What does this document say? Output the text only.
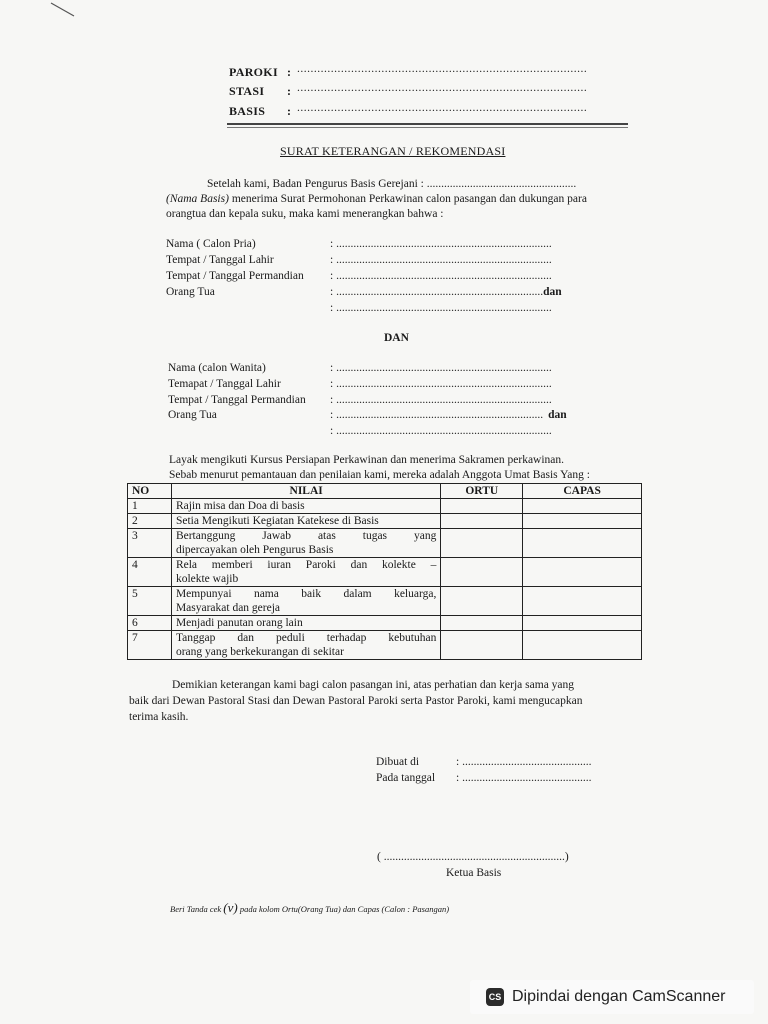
PAROKI : ......................................................................................
STASI : ......................................................................................
BASIS : ......................................................................................
SURAT KETERANGAN / REKOMENDASI
Setelah kami, Badan Pengurus Basis Gerejani : ....................................................
(Nama Basis) menerima Surat Permohonan Perkawinan calon pasangan dan dukungan para
orangtua dan kepala suku, maka kami menerangkan bahwa :
Nama ( Calon Pria)	: ...........................................................................
Tempat / Tanggal Lahir	: ...........................................................................
Tempat / Tanggal Permandian : ...........................................................................
Orang Tua	: ........................................................................dan
: ...........................................................................
DAN
Nama (calon Wanita)	: ...........................................................................
Temapat / Tanggal Lahir	: ...........................................................................
Tempat / Tanggal Permandian : ...........................................................................
Orang Tua	: ........................................................................ dan
: ...........................................................................
Layak mengikuti Kursus Persiapan Perkawinan dan menerima Sakramen perkawinan.
Sebab menurut pemantauan dan penilaian kami, mereka adalah Anggota Umat Basis Yang :
NO	NILAI	ORTU	CAPAS
1	Rajin misa dan Doa di basis		

2	Setia Mengikuti Kegiatan Katekese di Basis		

3	Bertanggung Jawab atas tugas yang
dipercayakan oleh Pengurus Basis		

4	Rela memberi iuran Paroki dan kolekte –
kolekte wajib		

5	Mempunyai nama baik dalam keluarga,
Masyarakat dan gereja		

6	Menjadi panutan orang lain		

7	Tanggap dan peduli terhadap kebutuhan
orang yang berkekurangan di sekitar		

Demikian keterangan kami bagi calon pasangan ini, atas perhatian dan kerja sama yang
baik dari Dewan Pastoral Stasi dan Dewan Pastoral Paroki serta Pastor Paroki, kami mengucapkan
terima kasih.
Dibuat di	: .............................................
Pada tanggal : .............................................
( ...............................................................)
Ketua Basis
Beri Tanda cek (v) pada kolom Ortu(Orang Tua) dan Capas (Calon : Pasangan)
CS Dipindai dengan CamScanner
